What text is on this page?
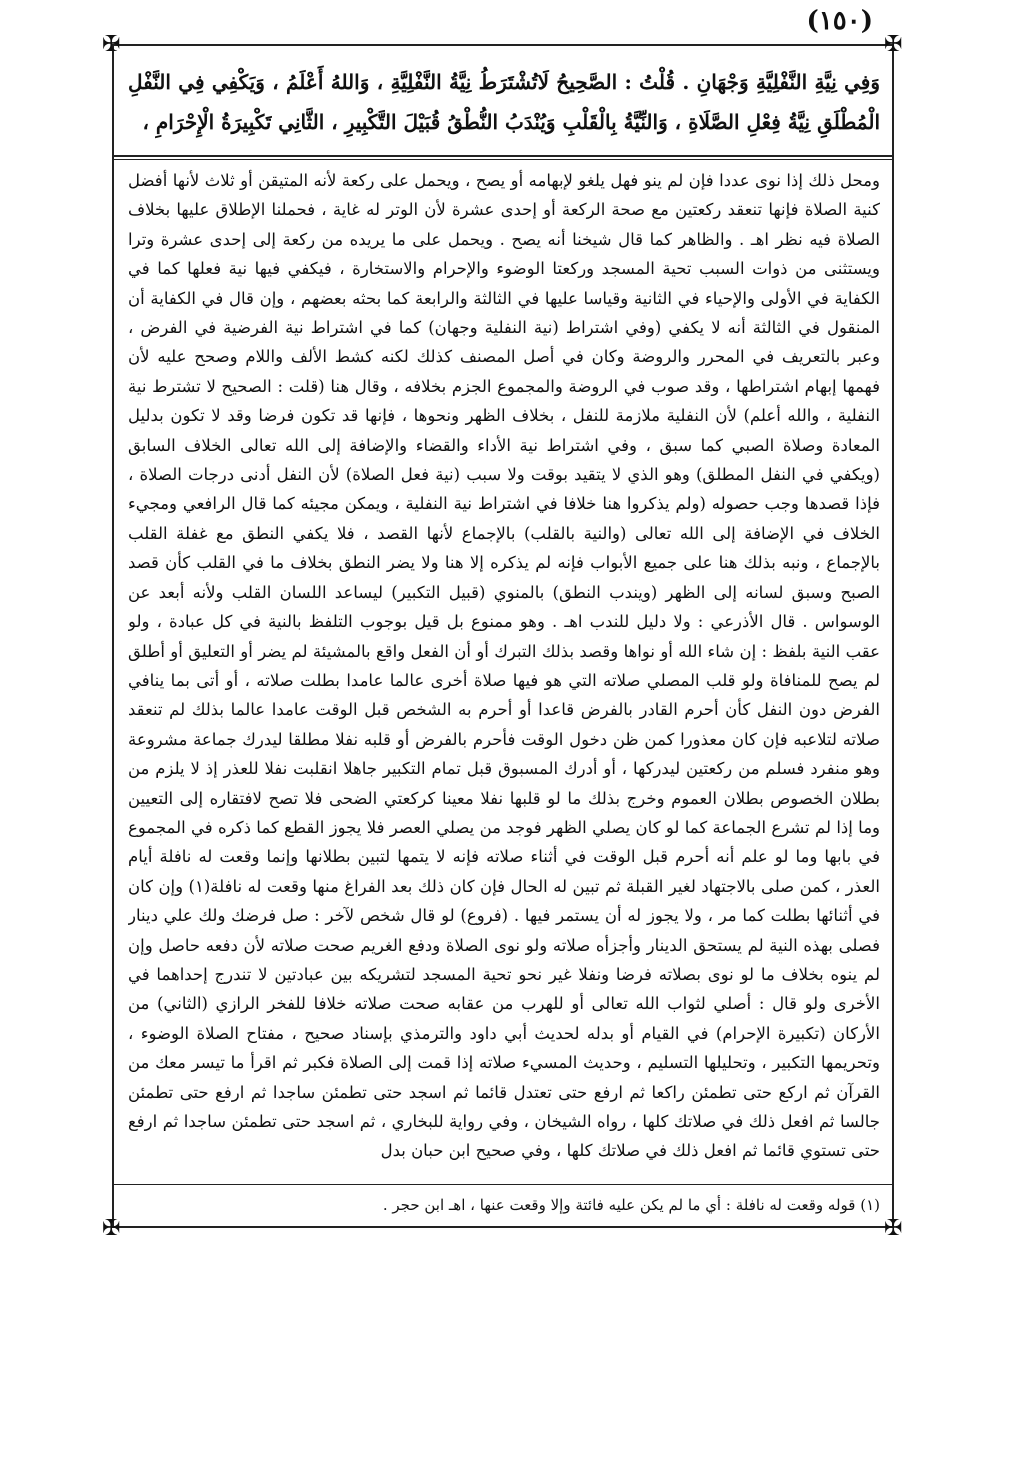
(١٥٠)
✠	✠
✠	✠
وَفِي نِيَّةِ النَّفْلِيَّةِ وَجْهَانِ . قُلْتُ : الصَّحِيحُ لَاتُشْتَرَطُ نِيَّةُ النَّفْلِيَّةِ ، وَاللهُ أَعْلَمُ ، وَيَكْفِي فِي النَّفْلِ الْمُطْلَقِ نِيَّةُ فِعْلِ الصَّلَاةِ ، وَالنِّيَّةُ بِالْقَلْبِ وَيُنْدَبُ النُّطْقُ قُبَيْلَ التَّكْبِيرِ ، الثَّانِي تَكْبِيرَةُ الْإِحْرَامِ ،
ومحل ذلك إذا نوى عددا فإن لم ينو فهل يلغو لإبهامه أو يصح ، ويحمل على ركعة لأنه المتيقن أو ثلاث لأنها أفضل كنية الصلاة فإنها تنعقد ركعتين مع صحة الركعة أو إحدى عشرة لأن الوتر له غاية ، فحملنا الإطلاق عليها بخلاف الصلاة فيه نظر اهـ . والظاهر كما قال شيخنا أنه يصح . ويحمل على ما يريده من ركعة إلى إحدى عشرة وترا ويستثنى من ذوات السبب تحية المسجد وركعتا الوضوء والإحرام والاستخارة ، فيكفي فيها نية فعلها كما في الكفاية في الأولى والإحياء في الثانية وقياسا عليها في الثالثة والرابعة كما بحثه بعضهم ، وإن قال في الكفاية أن المنقول في الثالثة أنه لا يكفي (وفي اشتراط (نية النفلية وجهان) كما في اشتراط نية الفرضية في الفرض ، وعبر بالتعريف في المحرر والروضة وكان في أصل المصنف كذلك لكنه كشط الألف واللام وصحح عليه لأن فهمها إبهام اشتراطها ، وقد صوب في الروضة والمجموع الجزم بخلافه ، وقال هنا (قلت : الصحيح لا تشترط نية النفلية ، والله أعلم) لأن النفلية ملازمة للنفل ، بخلاف الظهر ونحوها ، فإنها قد تكون فرضا وقد لا تكون بدليل المعادة وصلاة الصبي كما سبق ، وفي اشتراط نية الأداء والقضاء والإضافة إلى الله تعالى الخلاف السابق (ويكفي في النفل المطلق) وهو الذي لا يتقيد بوقت ولا سبب (نية فعل الصلاة) لأن النفل أدنى درجات الصلاة ، فإذا قصدها وجب حصوله (ولم يذكروا هنا خلافا في اشتراط نية النفلية ، ويمكن مجيئه كما قال الرافعي ومجيء الخلاف في الإضافة إلى الله تعالى (والنية بالقلب) بالإجماع لأنها القصد ، فلا يكفي النطق مع غفلة القلب بالإجماع ، ونبه بذلك هنا على جميع الأبواب فإنه لم يذكره إلا هنا ولا يضر النطق بخلاف ما في القلب كأن قصد الصبح وسبق لسانه إلى الظهر (ويندب النطق) بالمنوي (قبيل التكبير) ليساعد اللسان القلب ولأنه أبعد عن الوسواس . قال الأذرعي : ولا دليل للندب اهـ . وهو ممنوع بل قيل بوجوب التلفظ بالنية في كل عبادة ، ولو عقب النية بلفظ : إن شاء الله أو نواها وقصد بذلك التبرك أو أن الفعل واقع بالمشيئة لم يضر أو التعليق أو أطلق لم يصح للمنافاة ولو قلب المصلي صلاته التي هو فيها صلاة أخرى عالما عامدا بطلت صلاته ، أو أتى بما ينافي الفرض دون النفل كأن أحرم القادر بالفرض قاعدا أو أحرم به الشخص قبل الوقت عامدا عالما بذلك لم تنعقد صلاته لتلاعبه فإن كان معذورا كمن ظن دخول الوقت فأحرم بالفرض أو قلبه نفلا مطلقا ليدرك جماعة مشروعة وهو منفرد فسلم من ركعتين ليدركها ، أو أدرك المسبوق قبل تمام التكبير جاهلا انقلبت نفلا للعذر إذ لا يلزم من بطلان الخصوص بطلان العموم وخرج بذلك ما لو قلبها نفلا معينا كركعتي الضحى فلا تصح لافتقاره إلى التعيين وما إذا لم تشرع الجماعة كما لو كان يصلي الظهر فوجد من يصلي العصر فلا يجوز القطع كما ذكره في المجموع في بابها وما لو علم أنه أحرم قبل الوقت في أثناء صلاته فإنه لا يتمها لتبين بطلانها وإنما وقعت له نافلة أيام العذر ، كمن صلى بالاجتهاد لغير القبلة ثم تبين له الحال فإن كان ذلك بعد الفراغ منها وقعت له نافلة(١) وإن كان في أثنائها بطلت كما مر ، ولا يجوز له أن يستمر فيها . (فروع) لو قال شخص لآخر : صل فرضك ولك علي دينار فصلى بهذه النية لم يستحق الدينار وأجزأه صلاته ولو نوى الصلاة ودفع الغريم صحت صلاته لأن دفعه حاصل وإن لم ينوه بخلاف ما لو نوى بصلاته فرضا ونفلا غير نحو تحية المسجد لتشريكه بين عبادتين لا تندرج إحداهما في الأخرى ولو قال : أصلي لثواب الله تعالى أو للهرب من عقابه صحت صلاته خلافا للفخر الرازي (الثاني) من الأركان (تكبيرة الإحرام) في القيام أو بدله لحديث أبي داود والترمذي بإسناد صحيح ، مفتاح الصلاة الوضوء ، وتحريمها التكبير ، وتحليلها التسليم ، وحديث المسيء صلاته إذا قمت إلى الصلاة فكبر ثم اقرأ ما تيسر معك من القرآن ثم اركع حتى تطمئن راكعا ثم ارفع حتى تعتدل قائما ثم اسجد حتى تطمئن ساجدا ثم ارفع حتى تطمئن جالسا ثم افعل ذلك في صلاتك كلها ، رواه الشيخان ، وفي رواية للبخاري ، ثم اسجد حتى تطمئن ساجدا ثم ارفع حتى تستوي قائما ثم افعل ذلك في صلاتك كلها ، وفي صحيح ابن حبان بدل
(١) قوله وقعت له نافلة : أي ما لم يكن عليه فائتة وإلا وقعت عنها ، اهـ ابن حجر .
